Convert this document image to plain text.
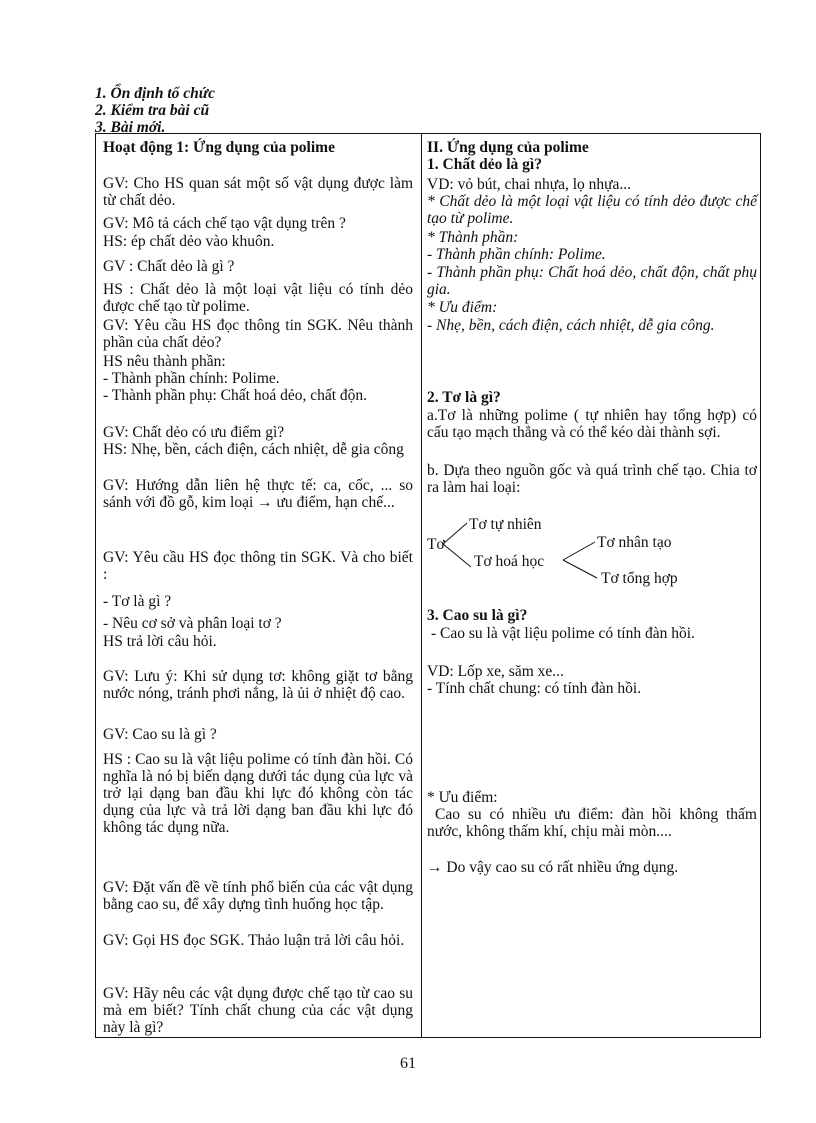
1. Ổn định tổ chức
2. Kiểm tra bài cũ
3. Bài mới.
Hoạt động 1: Ứng dụng của polime
GV: Cho HS quan sát một số vật dụng được làm từ chất dẻo.
GV: Mô tả cách chế tạo vật dụng trên ?
HS: ép chất dẻo vào khuôn.
GV : Chất dẻo là gì ?
HS : Chất dẻo là một loại vật liệu có tính dẻo được chế tạo từ polime.
GV: Yêu cầu HS đọc thông tin SGK. Nêu thành phần của chất dẻo?
HS nêu thành phần:
- Thành phần chính: Polime.
- Thành phần phụ: Chất hoá dẻo, chất độn.
GV: Chất dẻo có ưu điểm gì?
HS: Nhẹ, bền, cách điện, cách nhiệt, dễ gia công
GV: Hướng dẫn liên hệ thực tế: ca, cốc, ... so sánh với đồ gỗ, kim loại → ưu điểm, hạn chế...
GV: Yêu cầu HS đọc thông tin SGK. Và cho biết :
- Tơ là gì ?
- Nêu cơ sở và phân loại tơ ?
HS trả lời câu hỏi.
GV: Lưu ý: Khi sử dụng tơ: không giặt tơ bằng nước nóng, tránh phơi nắng, là ủi ở nhiệt độ cao.
GV: Cao su là gì ?
HS : Cao su là vật liệu polime có tính đàn hồi. Có nghĩa là nó bị biến dạng dưới tác dụng của lực và trở lại dạng ban đầu khi lực đó không còn tác dụng của lực và trả lời dạng ban đầu khi lực đó không tác dụng nữa.
GV: Đặt vấn đề về tính phổ biến của các vật dụng bằng cao su, để xây dựng tình huống học tập.
GV: Gọi HS đọc SGK. Thảo luận trả lời câu hỏi.
GV: Hãy nêu các vật dụng được chế tạo từ cao su mà em biết? Tính chất chung của các vật dụng này là gì?
II. Ứng dụng của polime
1. Chất dẻo là gì?
VD: vỏ bút, chai nhựa, lọ nhựa...
* Chất dẻo là một loại vật liệu có tính dẻo được chế tạo từ polime.
* Thành phần:
- Thành phần chính: Polime.
- Thành phần phụ: Chất hoá dẻo, chất độn, chất phụ gia.
* Ưu điểm:
- Nhẹ, bền, cách điện, cách nhiệt, dễ gia công.
2. Tơ là gì?
a.Tơ là những polime ( tự nhiên hay tổng hợp) có cấu tạo mạch thẳng và có thể kéo dài thành sợi.
b. Dựa theo nguồn gốc và quá trình chế tạo. Chia tơ ra làm hai loại:
Tơ
Tơ tự nhiên
Tơ hoá học
Tơ nhân tạo
Tơ tổng hợp
3. Cao su là gì?
- Cao su là vật liệu polime có tính đàn hồi.
VD: Lốp xe, săm xe...
- Tính chất chung: có tính đàn hồi.
* Ưu điểm:
Cao su có nhiều ưu điểm: đàn hồi không thấm nước, không thấm khí, chịu mài mòn....
→ Do vậy cao su có rất nhiều ứng dụng.
61
